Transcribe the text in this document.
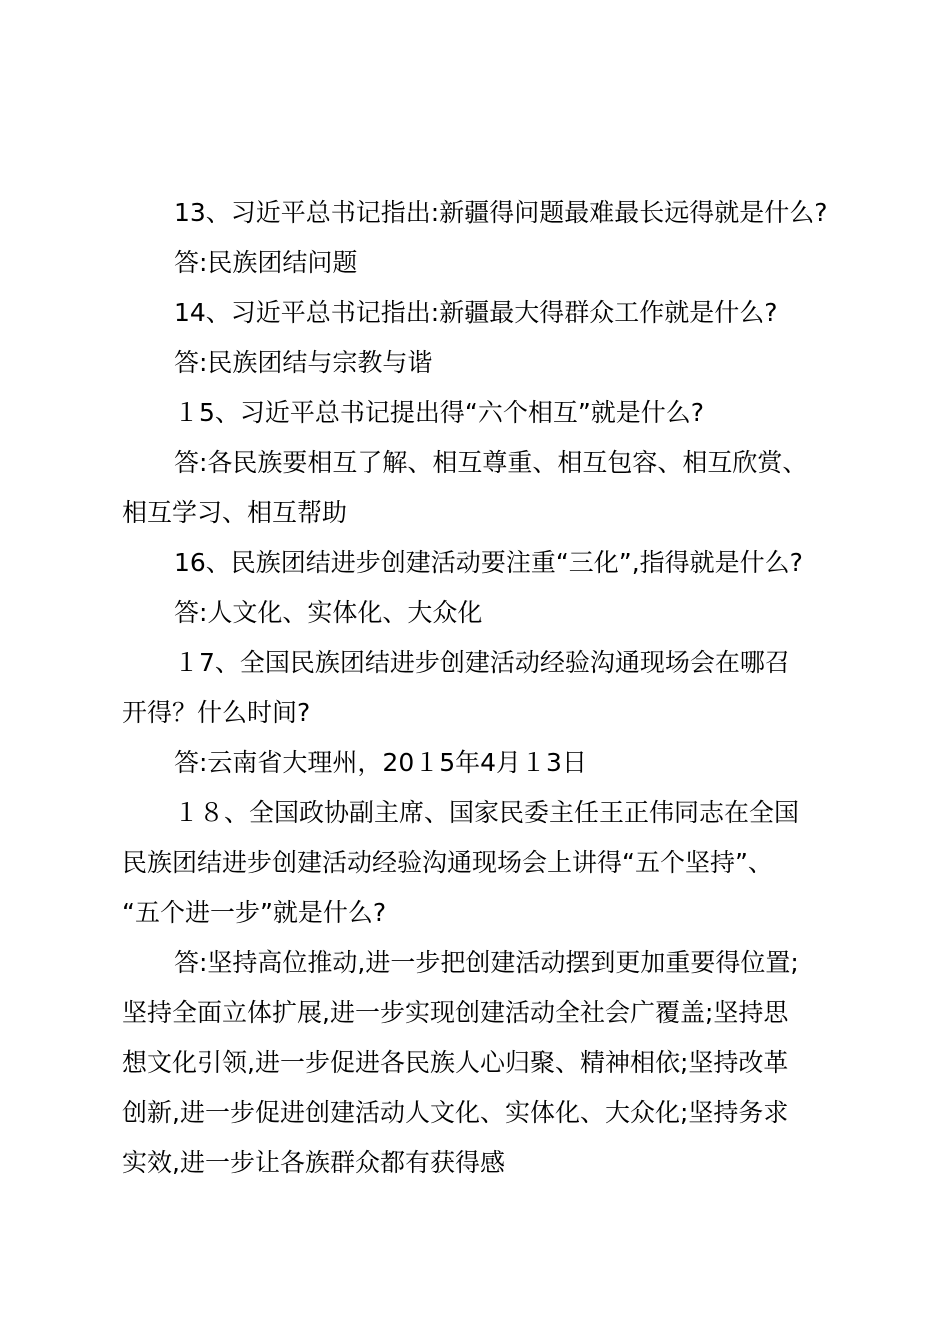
13、习近平总书记指出:新疆得问题最难最长远得就是什么?
答:民族团结问题
14、习近平总书记指出:新疆最大得群众工作就是什么?
答:民族团结与宗教与谐
１5、习近平总书记提出得“六个相互”就是什么?
答:各民族要相互了解、相互尊重、相互包容、相互欣赏、
相互学习、相互帮助
16、民族团结进步创建活动要注重“三化”,指得就是什么?
答:人文化、实体化、大众化
１7、全国民族团结进步创建活动经验沟通现场会在哪召
开得？什么时间?
答:云南省大理州，20１5年4月１3日
１８、全国政协副主席、国家民委主任王正伟同志在全国
民族团结进步创建活动经验沟通现场会上讲得“五个坚持”、
“五个进一步”就是什么?
答:坚持高位推动,进一步把创建活动摆到更加重要得位置;
坚持全面立体扩展,进一步实现创建活动全社会广覆盖;坚持思
想文化引领,进一步促进各民族人心归聚、精神相依;坚持改革
创新,进一步促进创建活动人文化、实体化、大众化;坚持务求
实效,进一步让各族群众都有获得感
